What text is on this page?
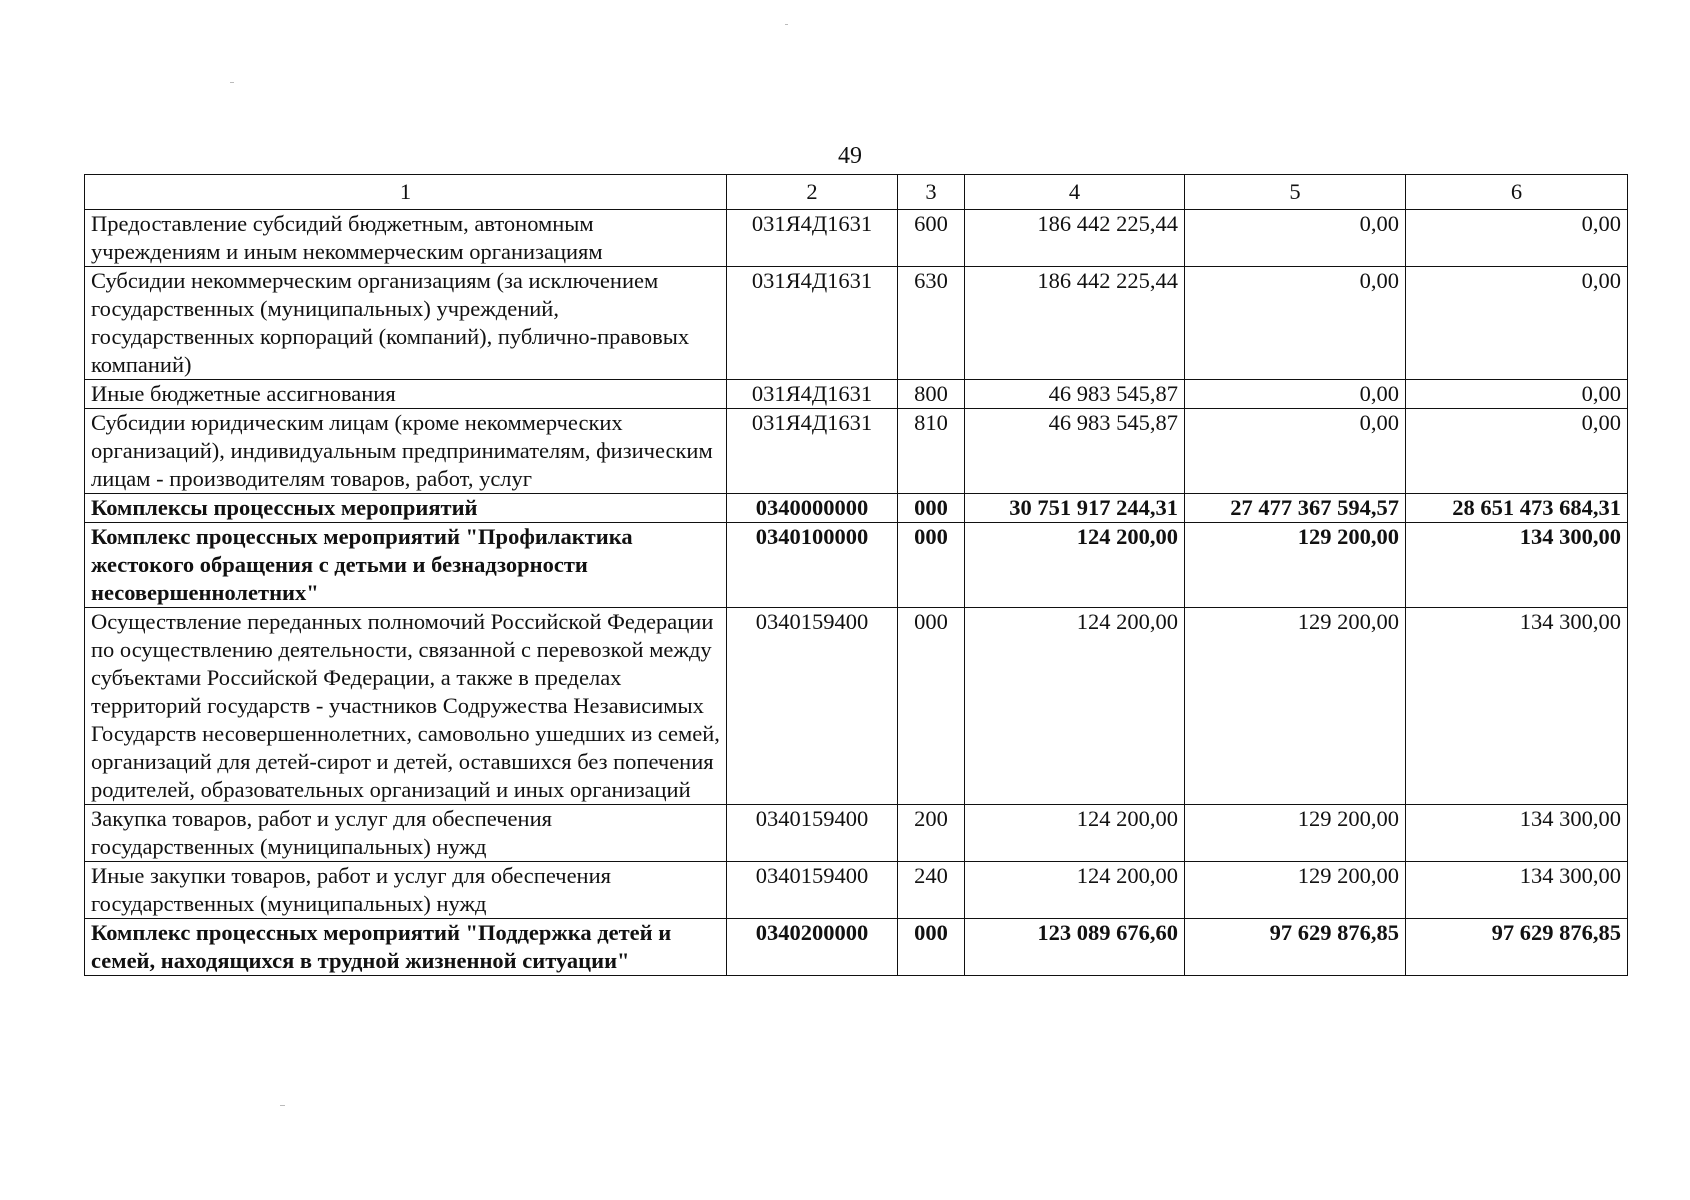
49
1	2	3	4	5	6
Предоставление субсидий бюджетным, автономным учреждениям и иным некоммерческим организациям	031Я4Д1631	600	186 442 225,44	0,00	0,00
Субсидии некоммерческим организациям (за исключением государственных (муниципальных) учреждений, государственных корпораций (компаний), публично-правовых компаний)	031Я4Д1631	630	186 442 225,44	0,00	0,00
Иные бюджетные ассигнования	031Я4Д1631	800	46 983 545,87	0,00	0,00
Субсидии юридическим лицам (кроме некоммерческих организаций), индивидуальным предпринимателям, физическим лицам - производителям товаров, работ, услуг	031Я4Д1631	810	46 983 545,87	0,00	0,00
Комплексы процессных мероприятий	0340000000	000	30 751 917 244,31	27 477 367 594,57	28 651 473 684,31
Комплекс процессных мероприятий "Профилактика жестокого обращения с детьми и безнадзорности несовершеннолетних"	0340100000	000	124 200,00	129 200,00	134 300,00
Осуществление переданных полномочий Российской Федерации по осуществлению деятельности, связанной с перевозкой между субъектами Российской Федерации, а также в пределах территорий государств - участников Содружества Независимых Государств несовершеннолетних, самовольно ушедших из семей, организаций для детей-сирот и детей, оставшихся без попечения родителей, образовательных организаций и иных организаций	0340159400	000	124 200,00	129 200,00	134 300,00
Закупка товаров, работ и услуг для обеспечения государственных (муниципальных) нужд	0340159400	200	124 200,00	129 200,00	134 300,00
Иные закупки товаров, работ и услуг для обеспечения государственных (муниципальных) нужд	0340159400	240	124 200,00	129 200,00	134 300,00
Комплекс процессных мероприятий "Поддержка детей и семей, находящихся в трудной жизненной ситуации"	0340200000	000	123 089 676,60	97 629 876,85	97 629 876,85
